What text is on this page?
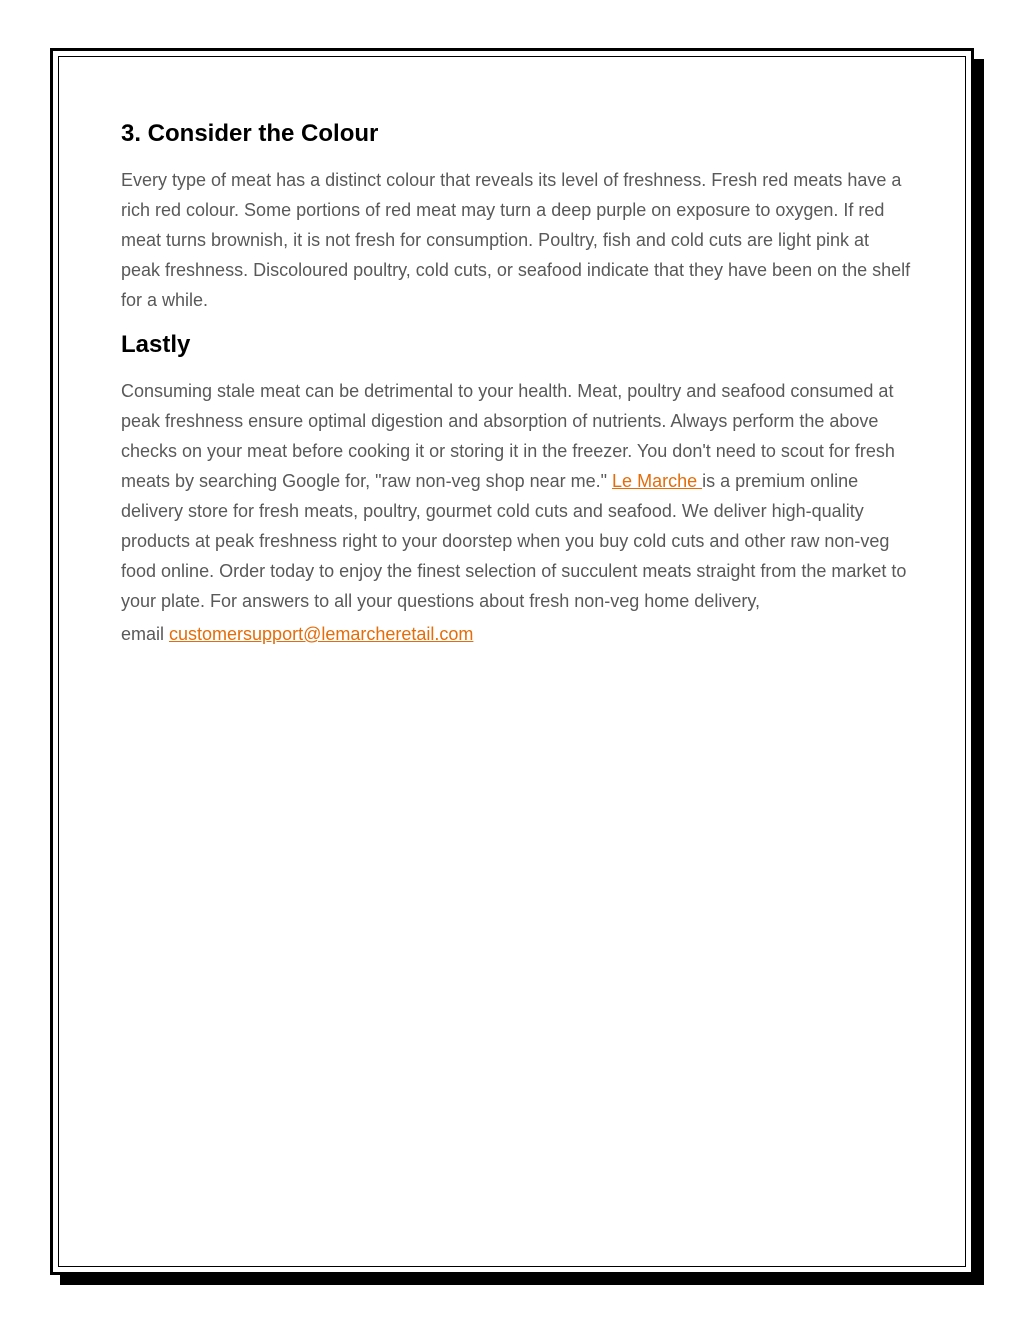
3. Consider the Colour

Every type of meat has a distinct colour that reveals its level of freshness. Fresh red meats have a rich red colour. Some portions of red meat may turn a deep purple on exposure to oxygen. If red meat turns brownish, it is not fresh for consumption. Poultry, fish and cold cuts are light pink at peak freshness. Discoloured poultry, cold cuts, or seafood indicate that they have been on the shelf for a while.

Lastly

Consuming stale meat can be detrimental to your health. Meat, poultry and seafood consumed at peak freshness ensure optimal digestion and absorption of nutrients. Always perform the above checks on your meat before cooking it or storing it in the freezer. You don't need to scout for fresh meats by searching Google for, "raw non-veg shop near me." Le Marche is a premium online delivery store for fresh meats, poultry, gourmet cold cuts and seafood. We deliver high-quality products at peak freshness right to your doorstep when you buy cold cuts and other raw non-veg food online. Order today to enjoy the finest selection of succulent meats straight from the market to your plate. For answers to all your questions about fresh non-veg home delivery,
email customersupport@lemarcheretail.com
